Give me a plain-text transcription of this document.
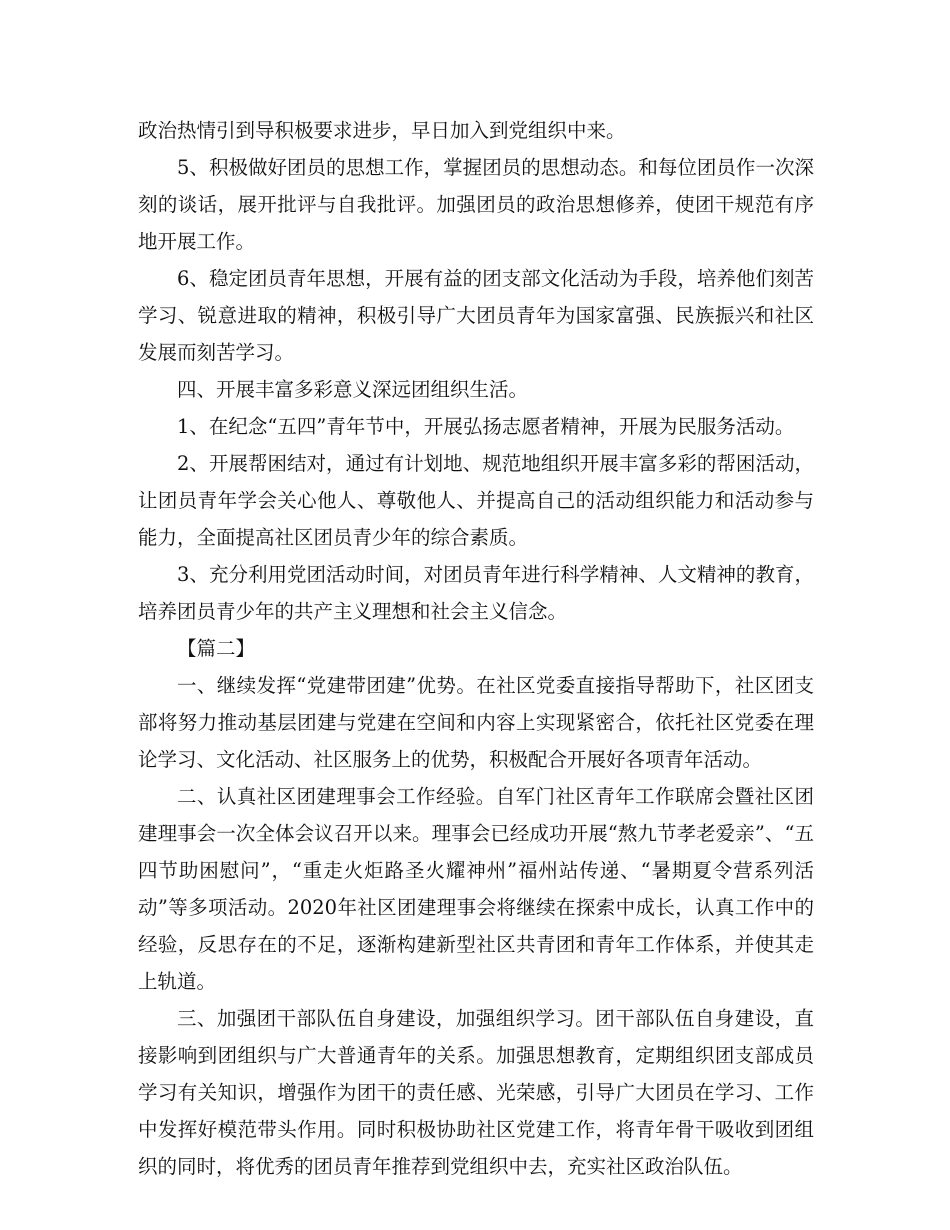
政治热情引到导积极要求进步，早日加入到党组织中来。

5、积极做好团员的思想工作，掌握团员的思想动态。和每位团员作一次深刻的谈话，展开批评与自我批评。加强团员的政治思想修养，使团干规范有序地开展工作。

6、稳定团员青年思想，开展有益的团支部文化活动为手段，培养他们刻苦学习、锐意进取的精神，积极引导广大团员青年为国家富强、民族振兴和社区发展而刻苦学习。

四、开展丰富多彩意义深远团组织生活。

1、在纪念“五四”青年节中，开展弘扬志愿者精神，开展为民服务活动。

2、开展帮困结对，通过有计划地、规范地组织开展丰富多彩的帮困活动，让团员青年学会关心他人、尊敬他人、并提高自己的活动组织能力和活动参与能力，全面提高社区团员青少年的综合素质。

3、充分利用党团活动时间，对团员青年进行科学精神、人文精神的教育，培养团员青少年的共产主义理想和社会主义信念。

【篇二】

一、继续发挥“党建带团建”优势。在社区党委直接指导帮助下，社区团支部将努力推动基层团建与党建在空间和内容上实现紧密合，依托社区党委在理论学习、文化活动、社区服务上的优势，积极配合开展好各项青年活动。

二、认真社区团建理事会工作经验。自军门社区青年工作联席会暨社区团建理事会一次全体会议召开以来。理事会已经成功开展“熬九节孝老爱亲”、“五四节助困慰问”，“重走火炬路圣火耀神州”福州站传递、“暑期夏令营系列活动”等多项活动。2020年社区团建理事会将继续在探索中成长，认真工作中的经验，反思存在的不足，逐渐构建新型社区共青团和青年工作体系，并使其走上轨道。

三、加强团干部队伍自身建设，加强组织学习。团干部队伍自身建设，直接影响到团组织与广大普通青年的关系。加强思想教育，定期组织团支部成员学习有关知识，增强作为团干的责任感、光荣感，引导广大团员在学习、工作中发挥好模范带头作用。同时积极协助社区党建工作，将青年骨干吸收到团组织的同时，将优秀的团员青年推荐到党组织中去，充实社区政治队伍。
